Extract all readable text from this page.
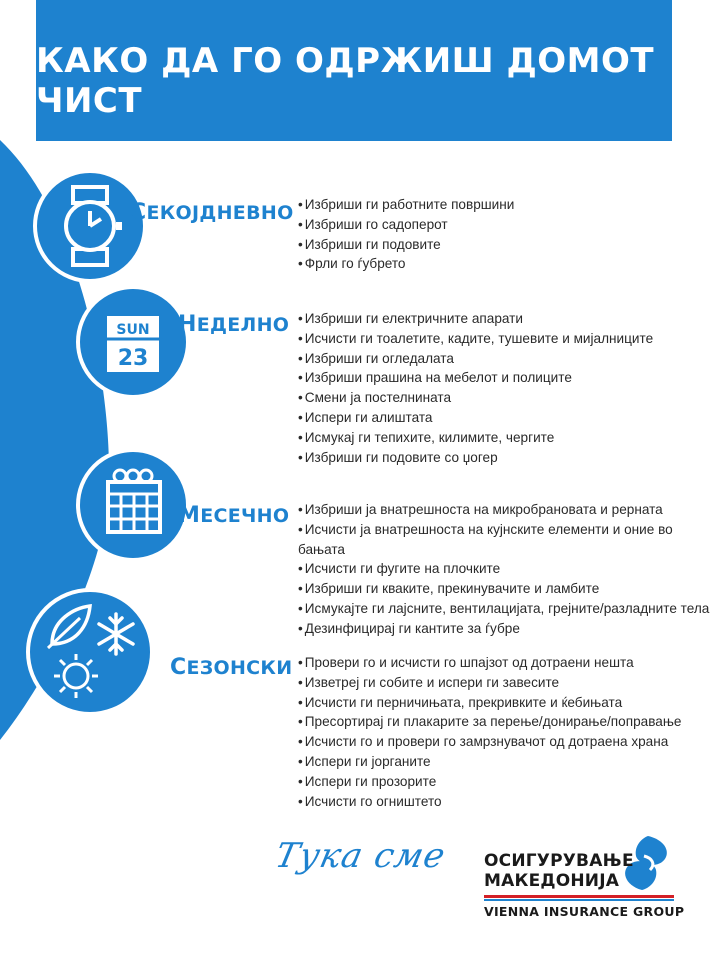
КАКО ДА ГО ОДРЖИШ ДОМОТ ЧИСТ
СЕКОЈДНЕВНО • Избриши ги работните површини
• Избриши го садоперот
• Избриши ги подовите
• Фрли го ѓубрето
SUN
23
НЕДЕЛНО	• Избриши ги електричните апарати
• Исчисти ги тоалетите, кадите, тушевите и мијалниците
• Избриши ги огледалата
• Избриши прашина на мебелот и полиците
• Смени ја постелнината
• Испери ги алиштата
• Исмукај ги тепихите, килимите, чергите
• Избриши ги подовите со џогер
МЕСЕЧНО	• Избриши ја внатрешноста на микробрановата и рерната
• Исчисти ја внатрешноста на кујнските елементи и оние во бањата
• Исчисти ги фугите на плочките
• Избриши ги кваките, прекинувачите и ламбите
• Исмукајте ги лајсните, вентилацијата, грејните/разладните тела
• Дезинфицирај ги кантите за ѓубре
СЕЗОНСКИ • Провери го и исчисти го шпајзот од дотраени нешта
• Изветреј ги собите и испери ги завесите
• Исчисти ги перничињата, прекривките и ќебињата
• Пресортирај ги плакарите за перење/донирање/поправање
• Исчисти го и провери го замрзнувачот од дотраена храна
• Испери ги јорганите
• Испери ги прозорите
• Исчисти го огништето
Тука сме ОСИГУРУВАЊЕ
МАКЕДОНИЈА
VIENNA INSURANCE GROUP
